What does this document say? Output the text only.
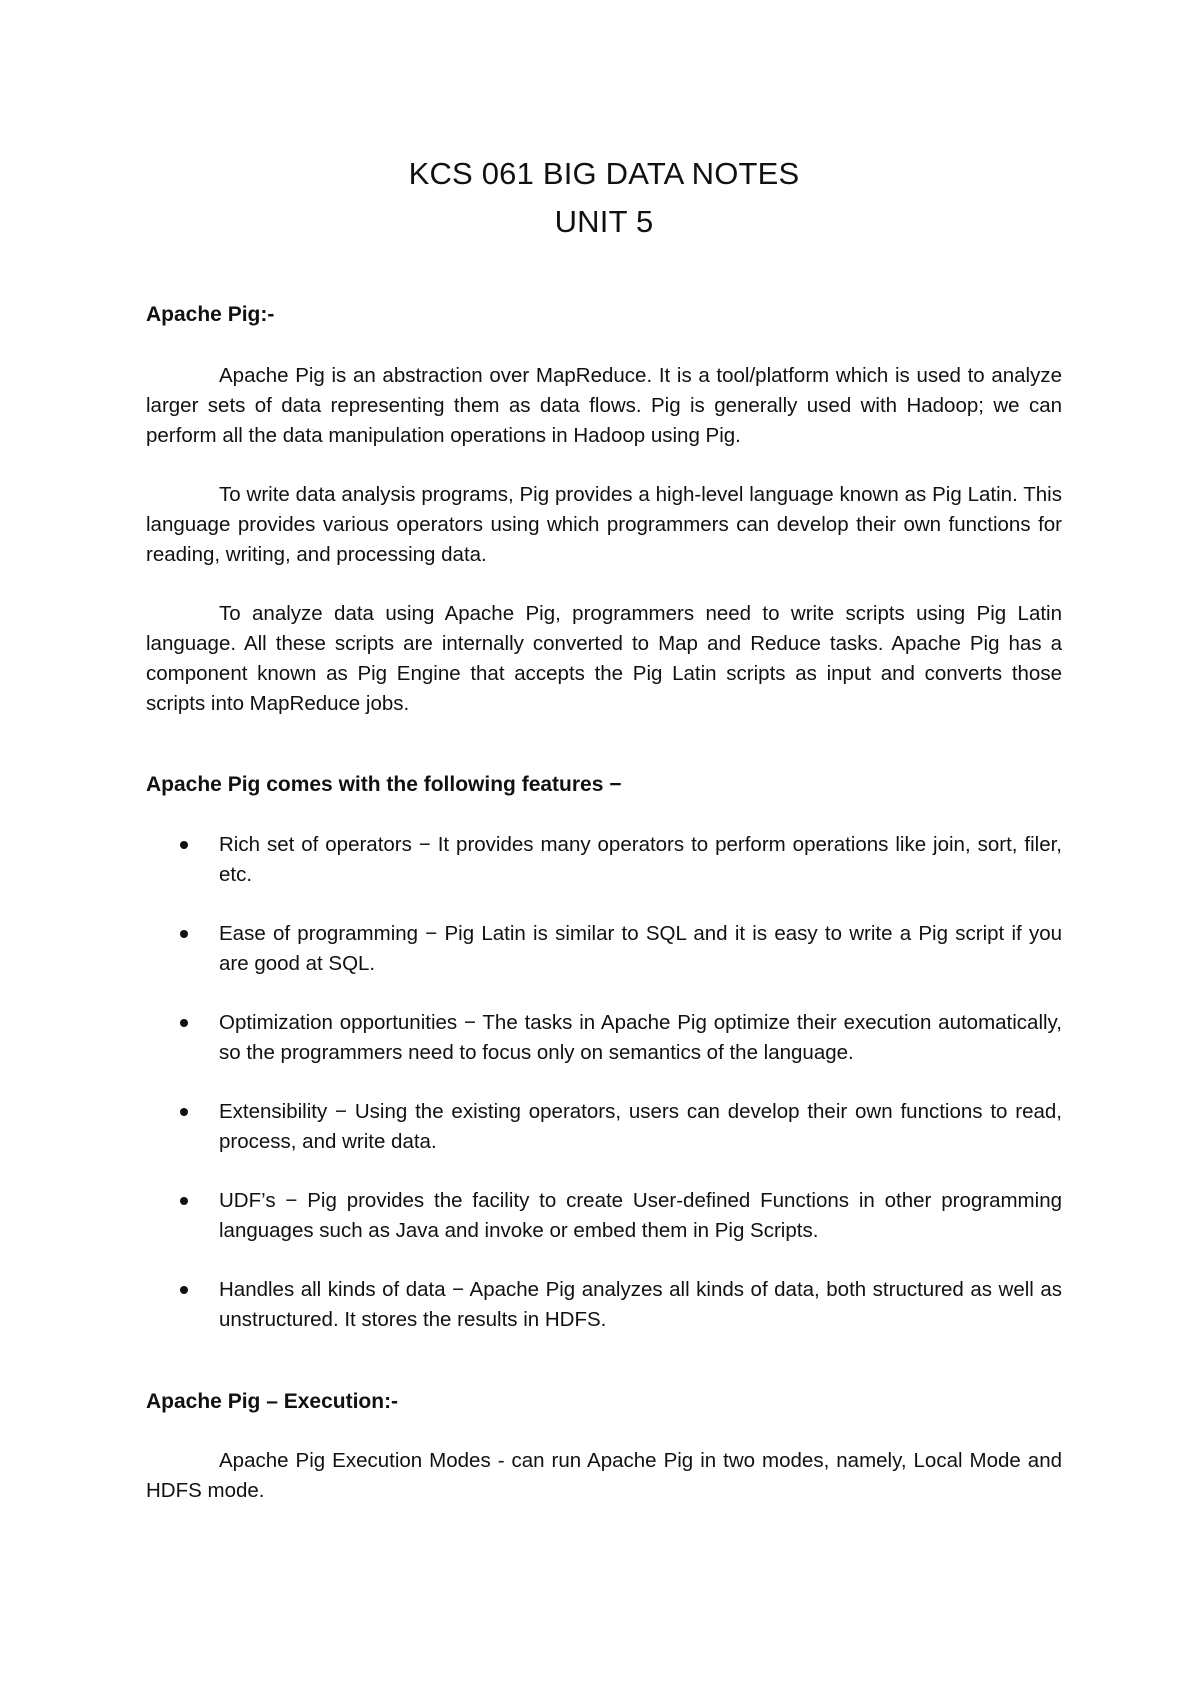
KCS 061 BIG DATA NOTES
UNIT 5
Apache Pig:-

Apache Pig is an abstraction over MapReduce. It is a tool/platform which is used to analyze larger sets of data representing them as data flows. Pig is generally used with Hadoop; we can perform all the data manipulation operations in Hadoop using Pig.

To write data analysis programs, Pig provides a high-level language known as Pig Latin. This language provides various operators using which programmers can develop their own functions for reading, writing, and processing data.

To analyze data using Apache Pig, programmers need to write scripts using Pig Latin language. All these scripts are internally converted to Map and Reduce tasks. Apache Pig has a component known as Pig Engine that accepts the Pig Latin scripts as input and converts those scripts into MapReduce jobs.

Apache Pig comes with the following features −
Rich set of operators − It provides many operators to perform operations like join, sort, filer, etc.
Ease of programming − Pig Latin is similar to SQL and it is easy to write a Pig script if you are good at SQL.
Optimization opportunities − The tasks in Apache Pig optimize their execution automatically, so the programmers need to focus only on semantics of the language.
Extensibility − Using the existing operators, users can develop their own functions to read, process, and write data.
UDF’s − Pig provides the facility to create User-defined Functions in other programming languages such as Java and invoke or embed them in Pig Scripts.
Handles all kinds of data − Apache Pig analyzes all kinds of data, both structured as well as unstructured. It stores the results in HDFS.
Apache Pig – Execution:-

Apache Pig Execution Modes - can run Apache Pig in two modes, namely, Local Mode and HDFS mode.
